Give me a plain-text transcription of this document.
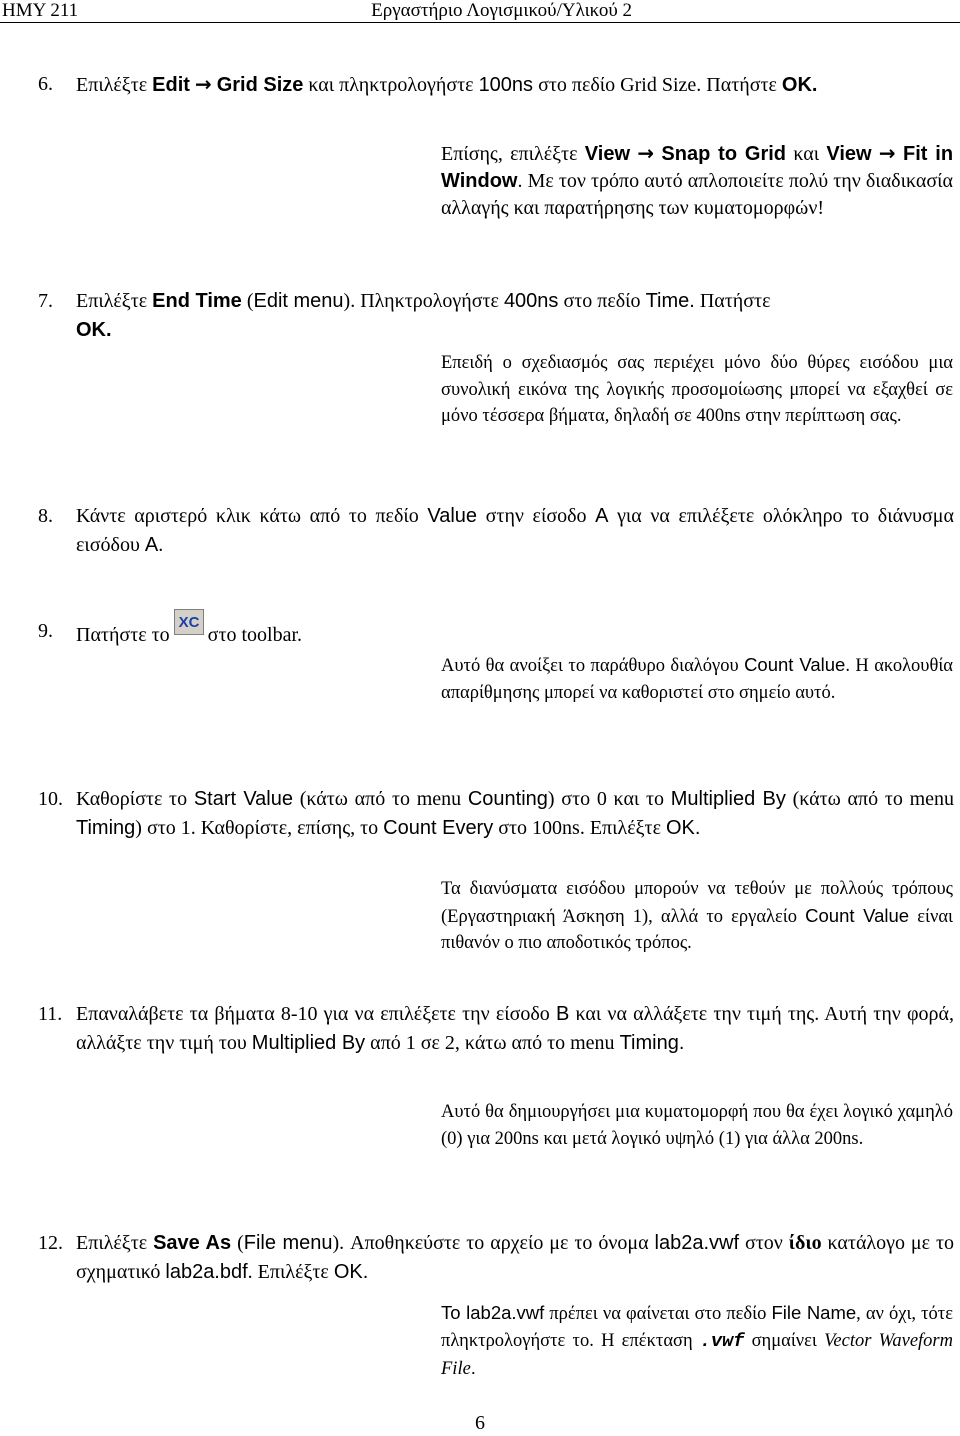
ΗΜΥ 211	Εργαστήριο Λογισμικού/Υλικού 2
6. Επιλέξτε Edit → Grid Size και πληκτρολογήστε 100ns στο πεδίο Grid Size. Πατήστε OK.
Επίσης, επιλέξτε View → Snap to Grid και View → Fit in Window. Με τον τρόπο αυτό απλοποιείτε πολύ την διαδικασία αλλαγής και παρατήρησης των κυματομορφών!
7. Επιλέξτε End Time (Edit menu). Πληκτρολογήστε 400ns στο πεδίο Time. Πατήστε
OK.
Επειδή ο σχεδιασμός σας περιέχει μόνο δύο θύρες εισόδου μια συνολική εικόνα της λογικής προσομοίωσης μπορεί να εξαχθεί σε μόνο τέσσερα βήματα, δηλαδή σε 400ns στην περίπτωση σας.
8. Κάντε αριστερό κλικ κάτω από το πεδίο Value στην είσοδο A για να επιλέξετε ολόκληρο το διάνυσμα εισόδου A.
9. Πατήστε το
XC
στο toolbar.
Αυτό θα ανοίξει το παράθυρο διαλόγου Count Value. Η ακολουθία απαρίθμησης μπορεί να καθοριστεί στο σημείο αυτό.
10. Καθορίστε το Start Value (κάτω από το menu Counting) στο 0 και το Multiplied By (κάτω από το menu Timing) στο 1. Καθορίστε, επίσης, το Count Every στο 100ns. Επιλέξτε OK.
Τα διανύσματα εισόδου μπορούν να τεθούν με πολλούς τρόπους (Εργαστηριακή Άσκηση 1), αλλά το εργαλείο Count Value είναι πιθανόν ο πιο αποδοτικός τρόπος.
11. Επαναλάβετε τα βήματα 8-10 για να επιλέξετε την είσοδο B και να αλλάξετε την τιμή της. Αυτή την φορά, αλλάξτε την τιμή του Multiplied By από 1 σε 2, κάτω από το menu Timing.
Αυτό θα δημιουργήσει μια κυματομορφή που θα έχει λογικό χαμηλό (0) για 200ns και μετά λογικό υψηλό (1) για άλλα 200ns.
12. Επιλέξτε Save As (File menu). Αποθηκεύστε το αρχείο με το όνομα lab2a.vwf στον ίδιο κατάλογο με το σχηματικό lab2a.bdf. Επιλέξτε OK.
To lab2a.vwf πρέπει να φαίνεται στο πεδίο File Name, αν όχι, τότε πληκτρολογήστε το. Η επέκταση .vwf σημαίνει Vector Waveform File.
6
